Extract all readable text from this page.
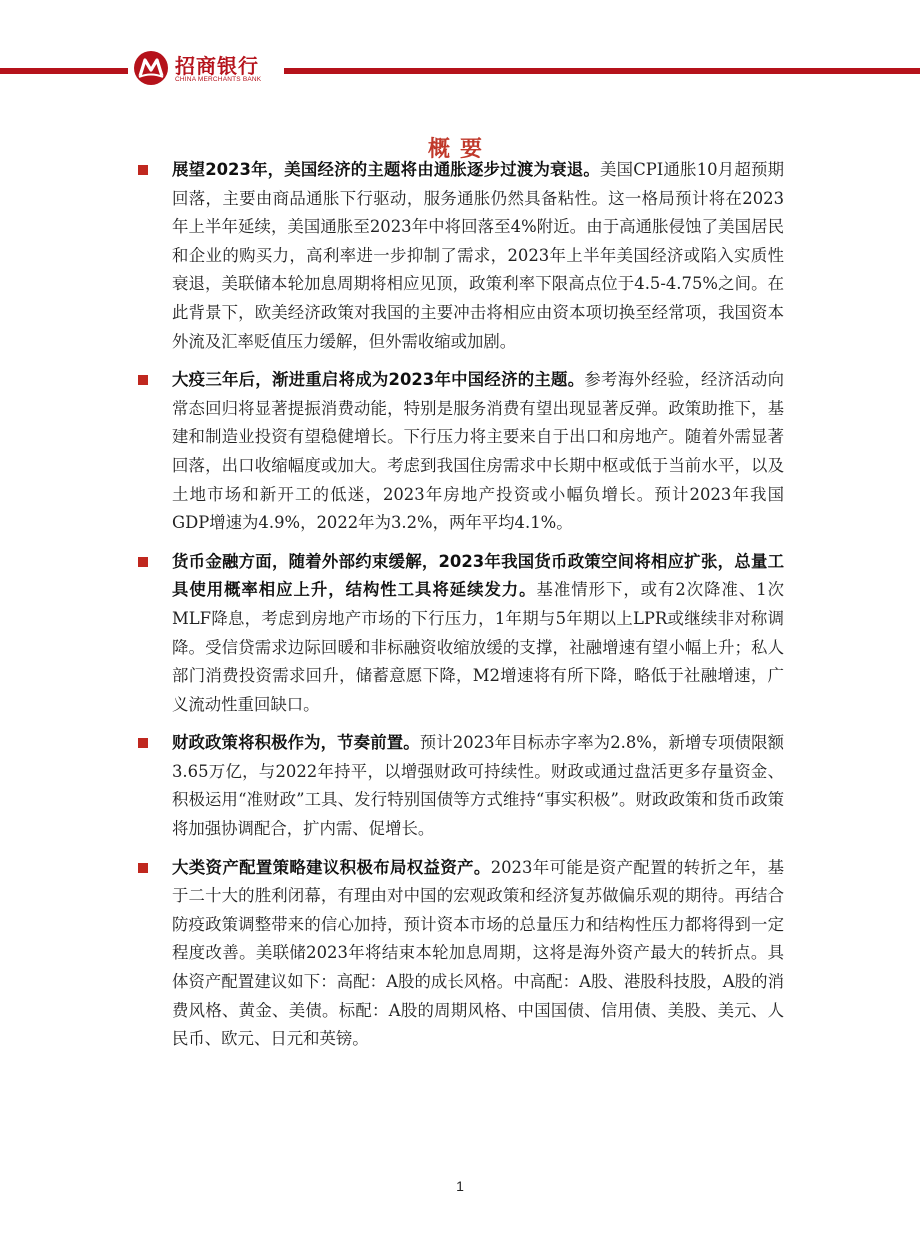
招商银行
CHINA MERCHANTS BANK
概要

展望2023年，美国经济的主题将由通胀逐步过渡为衰退。美国CPI通胀10月超预期回落，主要由商品通胀下行驱动，服务通胀仍然具备粘性。这一格局预计将在2023年上半年延续，美国通胀至2023年中将回落至4%附近。由于高通胀侵蚀了美国居民和企业的购买力，高利率进一步抑制了需求，2023年上半年美国经济或陷入实质性衰退，美联储本轮加息周期将相应见顶，政策利率下限高点位于4.5-4.75%之间。在此背景下，欧美经济政策对我国的主要冲击将相应由资本项切换至经常项，我国资本外流及汇率贬值压力缓解，但外需收缩或加剧。

大疫三年后，渐进重启将成为2023年中国经济的主题。参考海外经验，经济活动向常态回归将显著提振消费动能，特别是服务消费有望出现显著反弹。政策助推下，基建和制造业投资有望稳健增长。下行压力将主要来自于出口和房地产。随着外需显著回落，出口收缩幅度或加大。考虑到我国住房需求中长期中枢或低于当前水平，以及土地市场和新开工的低迷，2023年房地产投资或小幅负增长。预计2023年我国GDP增速为4.9%，2022年为3.2%，两年平均4.1%。

货币金融方面，随着外部约束缓解，2023年我国货币政策空间将相应扩张，总量工具使用概率相应上升，结构性工具将延续发力。基准情形下，或有2次降准、1次MLF降息，考虑到房地产市场的下行压力，1年期与5年期以上LPR或继续非对称调降。受信贷需求边际回暖和非标融资收缩放缓的支撑，社融增速有望小幅上升；私人部门消费投资需求回升，储蓄意愿下降，M2增速将有所下降，略低于社融增速，广义流动性重回缺口。

财政政策将积极作为，节奏前置。预计2023年目标赤字率为2.8%，新增专项债限额3.65万亿，与2022年持平，以增强财政可持续性。财政或通过盘活更多存量资金、积极运用“准财政”工具、发行特别国债等方式维持“事实积极”。财政政策和货币政策将加强协调配合，扩内需、促增长。

大类资产配置策略建议积极布局权益资产。2023年可能是资产配置的转折之年，基于二十大的胜利闭幕，有理由对中国的宏观政策和经济复苏做偏乐观的期待。再结合防疫政策调整带来的信心加持，预计资本市场的总量压力和结构性压力都将得到一定程度改善。美联储2023年将结束本轮加息周期，这将是海外资产最大的转折点。具体资产配置建议如下：高配：A股的成长风格。中高配：A股、港股科技股，A股的消费风格、黄金、美债。标配：A股的周期风格、中国国债、信用债、美股、美元、人民币、欧元、日元和英镑。

1
